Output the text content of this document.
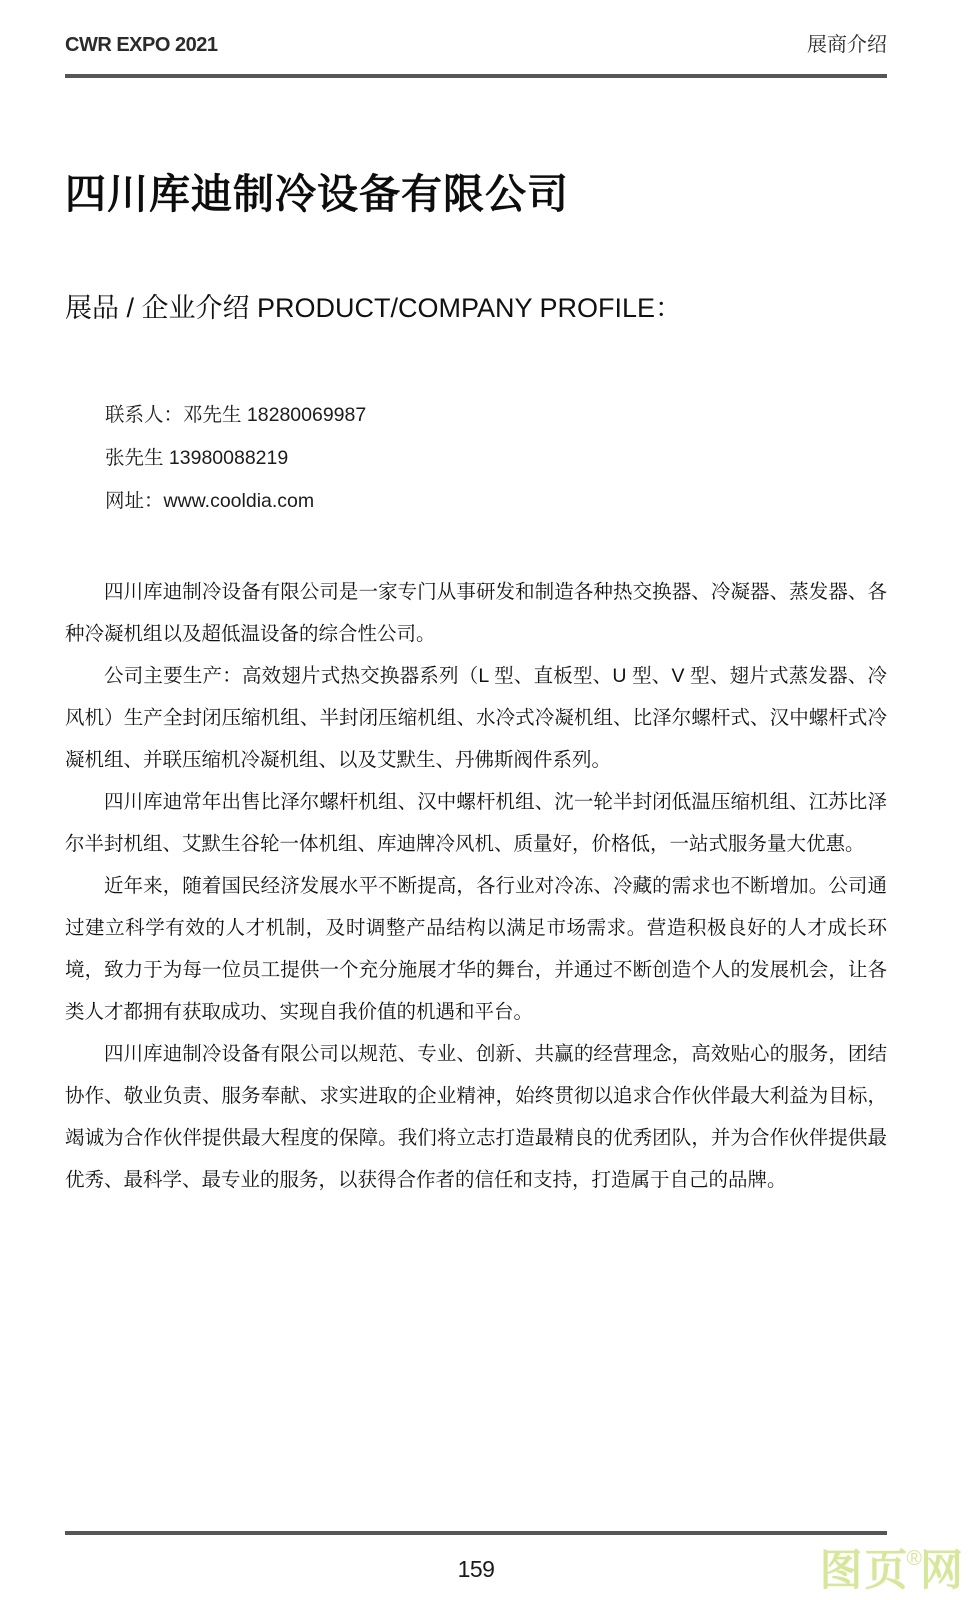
CWR EXPO 2021	展商介绍
四川库迪制冷设备有限公司
展品 / 企业介绍 PRODUCT/COMPANY PROFILE：
联系人：邓先生 18280069987
张先生 13980088219
网址：www.cooldia.com

四川库迪制冷设备有限公司是一家专门从事研发和制造各种热交换器、冷凝器、蒸发器、各种冷凝机组以及超低温设备的综合性公司。

公司主要生产：高效翅片式热交换器系列（L 型、直板型、U 型、V 型、翅片式蒸发器、冷风机）生产全封闭压缩机组、半封闭压缩机组、水冷式冷凝机组、比泽尔螺杆式、汉中螺杆式冷凝机组、并联压缩机冷凝机组、以及艾默生、丹佛斯阀件系列。

四川库迪常年出售比泽尔螺杆机组、汉中螺杆机组、沈一轮半封闭低温压缩机组、江苏比泽尔半封机组、艾默生谷轮一体机组、库迪牌冷风机、质量好，价格低，一站式服务量大优惠。

近年来，随着国民经济发展水平不断提高，各行业对冷冻、冷藏的需求也不断增加。公司通过建立科学有效的人才机制，及时调整产品结构以满足市场需求。营造积极良好的人才成长环境，致力于为每一位员工提供一个充分施展才华的舞台，并通过不断创造个人的发展机会，让各类人才都拥有获取成功、实现自我价值的机遇和平台。

四川库迪制冷设备有限公司以规范、专业、创新、共赢的经营理念，高效贴心的服务，团结协作、敬业负责、服务奉献、求实进取的企业精神，始终贯彻以追求合作伙伴最大利益为目标，竭诚为合作伙伴提供最大程度的保障。我们将立志打造最精良的优秀团队，并为合作伙伴提供最优秀、最科学、最专业的服务，以获得合作者的信任和支持，打造属于自己的品牌。

159	图页®网
